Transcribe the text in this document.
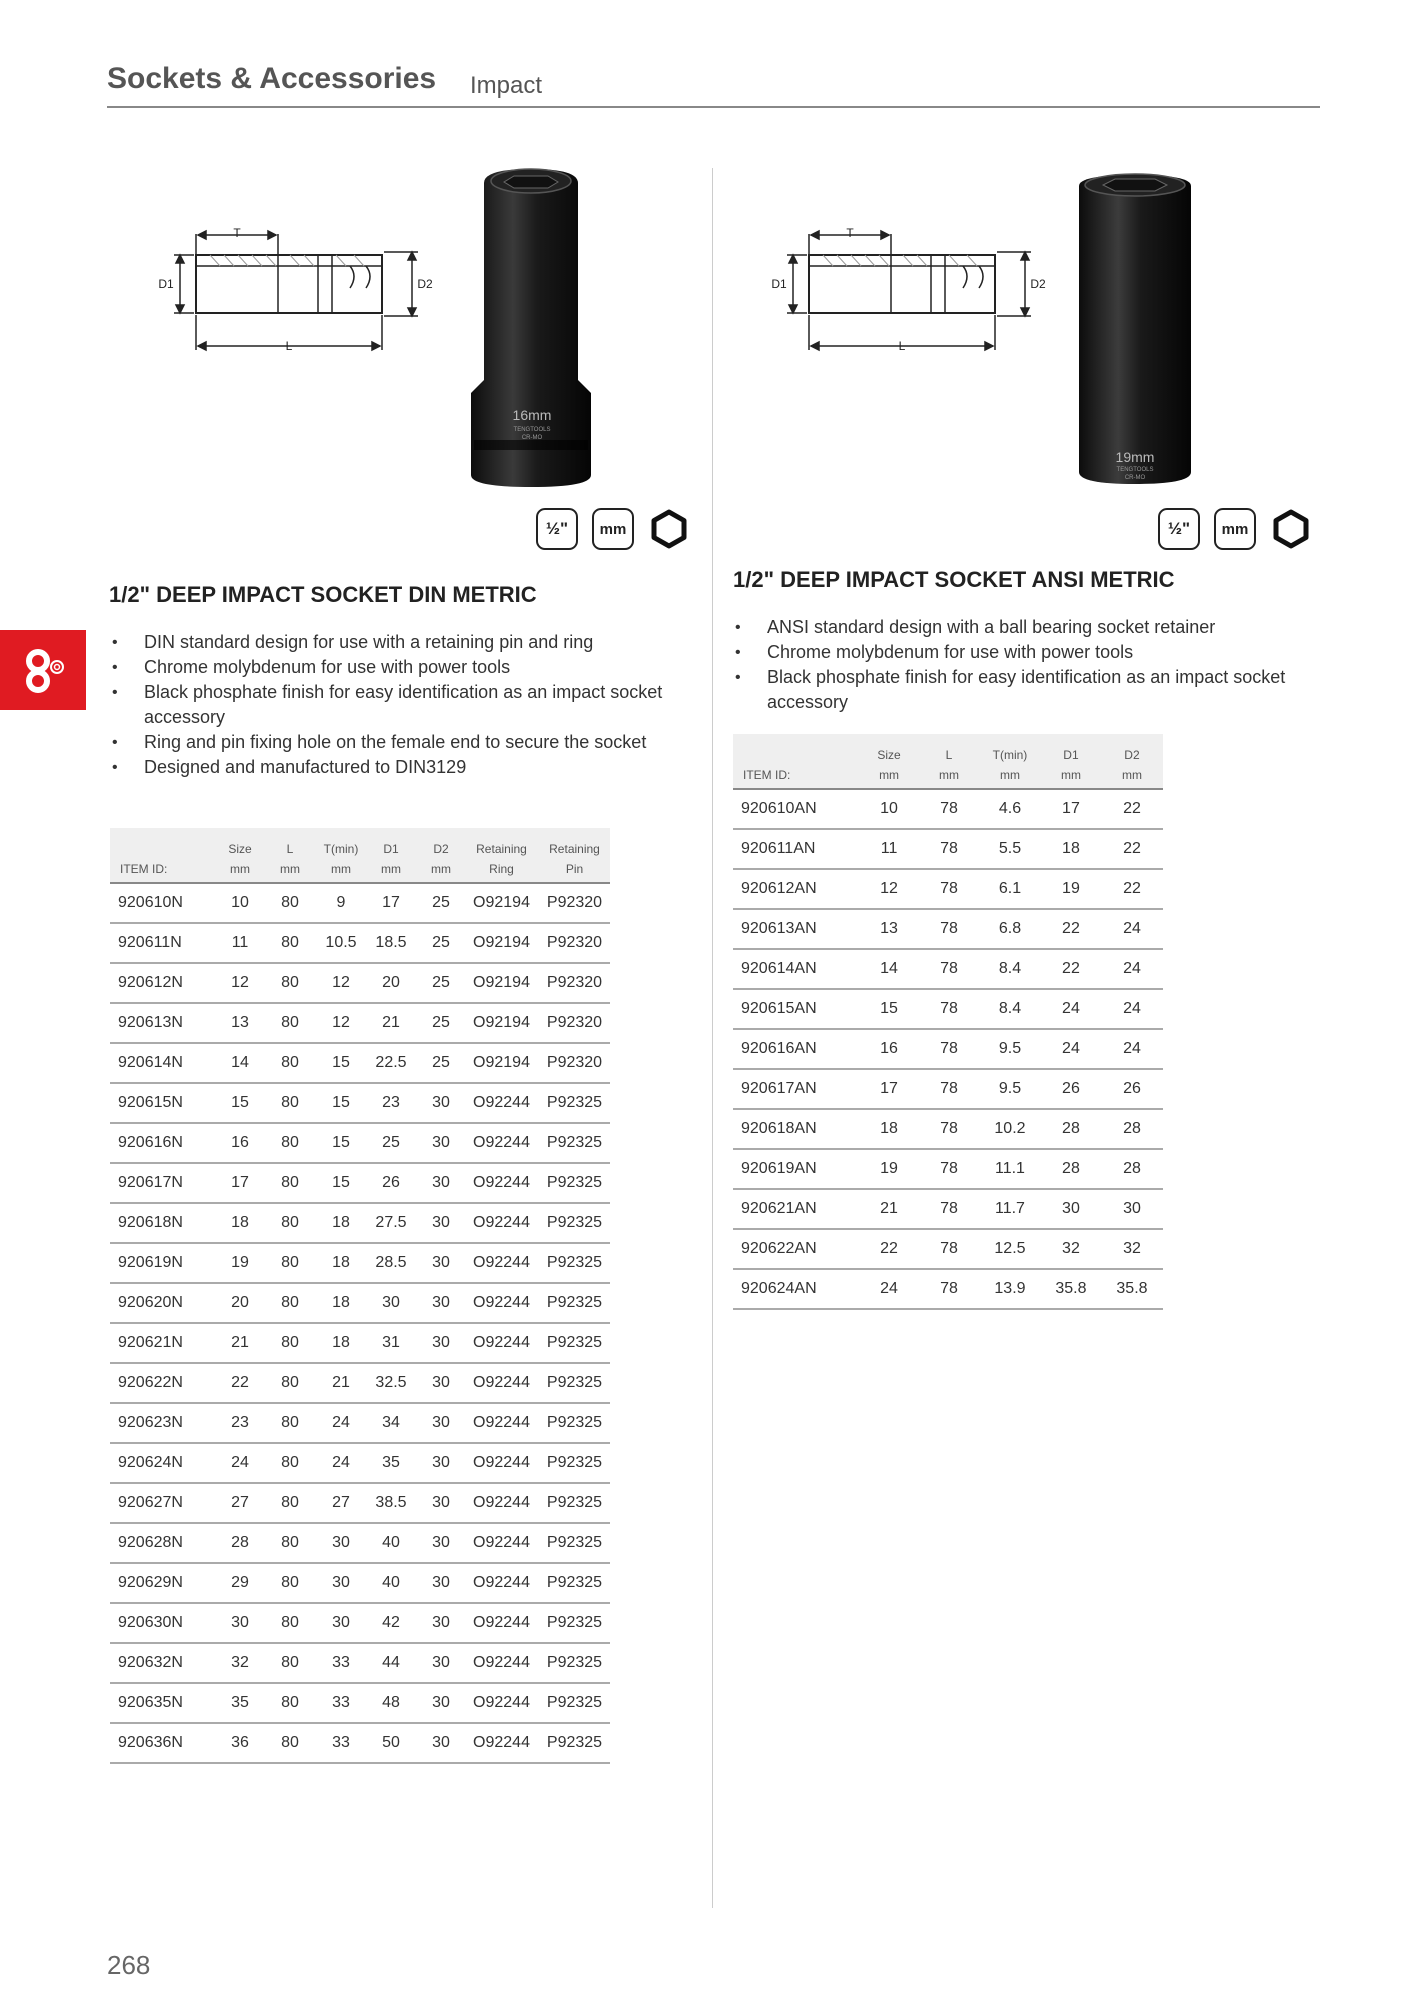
Sockets & Accessories Impact
T
D1	D2
L
16mm
TENGTOOLS
CR-MO
½"	mm
1/2" DEEP IMPACT SOCKET DIN METRIC
• DIN standard design for use with a retaining pin and ring
• Chrome molybdenum for use with power tools
• Black phosphate finish for easy identification as an impact socket accessory
• Ring and pin fixing hole on the female end to secure the socket
• Designed and manufactured to DIN3129
	Size	L	T(min)	D1	D2	Retaining	Retaining
ITEM ID:	mm	mm	mm	mm	mm	Ring	Pin
920610N	10	80	9	17	25	O92194	P92320
920611N	11	80	10.5	18.5	25	O92194	P92320
920612N	12	80	12	20	25	O92194	P92320
920613N	13	80	12	21	25	O92194	P92320
920614N	14	80	15	22.5	25	O92194	P92320
920615N	15	80	15	23	30	O92244	P92325
920616N	16	80	15	25	30	O92244	P92325
920617N	17	80	15	26	30	O92244	P92325
920618N	18	80	18	27.5	30	O92244	P92325
920619N	19	80	18	28.5	30	O92244	P92325
920620N	20	80	18	30	30	O92244	P92325
920621N	21	80	18	31	30	O92244	P92325
920622N	22	80	21	32.5	30	O92244	P92325
920623N	23	80	24	34	30	O92244	P92325
920624N	24	80	24	35	30	O92244	P92325
920627N	27	80	27	38.5	30	O92244	P92325
920628N	28	80	30	40	30	O92244	P92325
920629N	29	80	30	40	30	O92244	P92325
920630N	30	80	30	42	30	O92244	P92325
920632N	32	80	33	44	30	O92244	P92325
920635N	35	80	33	48	30	O92244	P92325
920636N	36	80	33	50	30	O92244	P92325
T
D1	D2
L
19mm
TENGTOOLS
CR-MO
½"	mm
1/2" DEEP IMPACT SOCKET ANSI METRIC
• ANSI standard design with a ball bearing socket retainer
• Chrome molybdenum for use with power tools
• Black phosphate finish for easy identification as an impact socket accessory
	Size	L	T(min)	D1	D2
ITEM ID:	mm	mm	mm	mm	mm
920610AN	10	78	4.6	17	22
920611AN	11	78	5.5	18	22
920612AN	12	78	6.1	19	22
920613AN	13	78	6.8	22	24
920614AN	14	78	8.4	22	24
920615AN	15	78	8.4	24	24
920616AN	16	78	9.5	24	24
920617AN	17	78	9.5	26	26
920618AN	18	78	10.2	28	28
920619AN	19	78	11.1	28	28
920621AN	21	78	11.7	30	30
920622AN	22	78	12.5	32	32
920624AN	24	78	13.9	35.8	35.8
268
